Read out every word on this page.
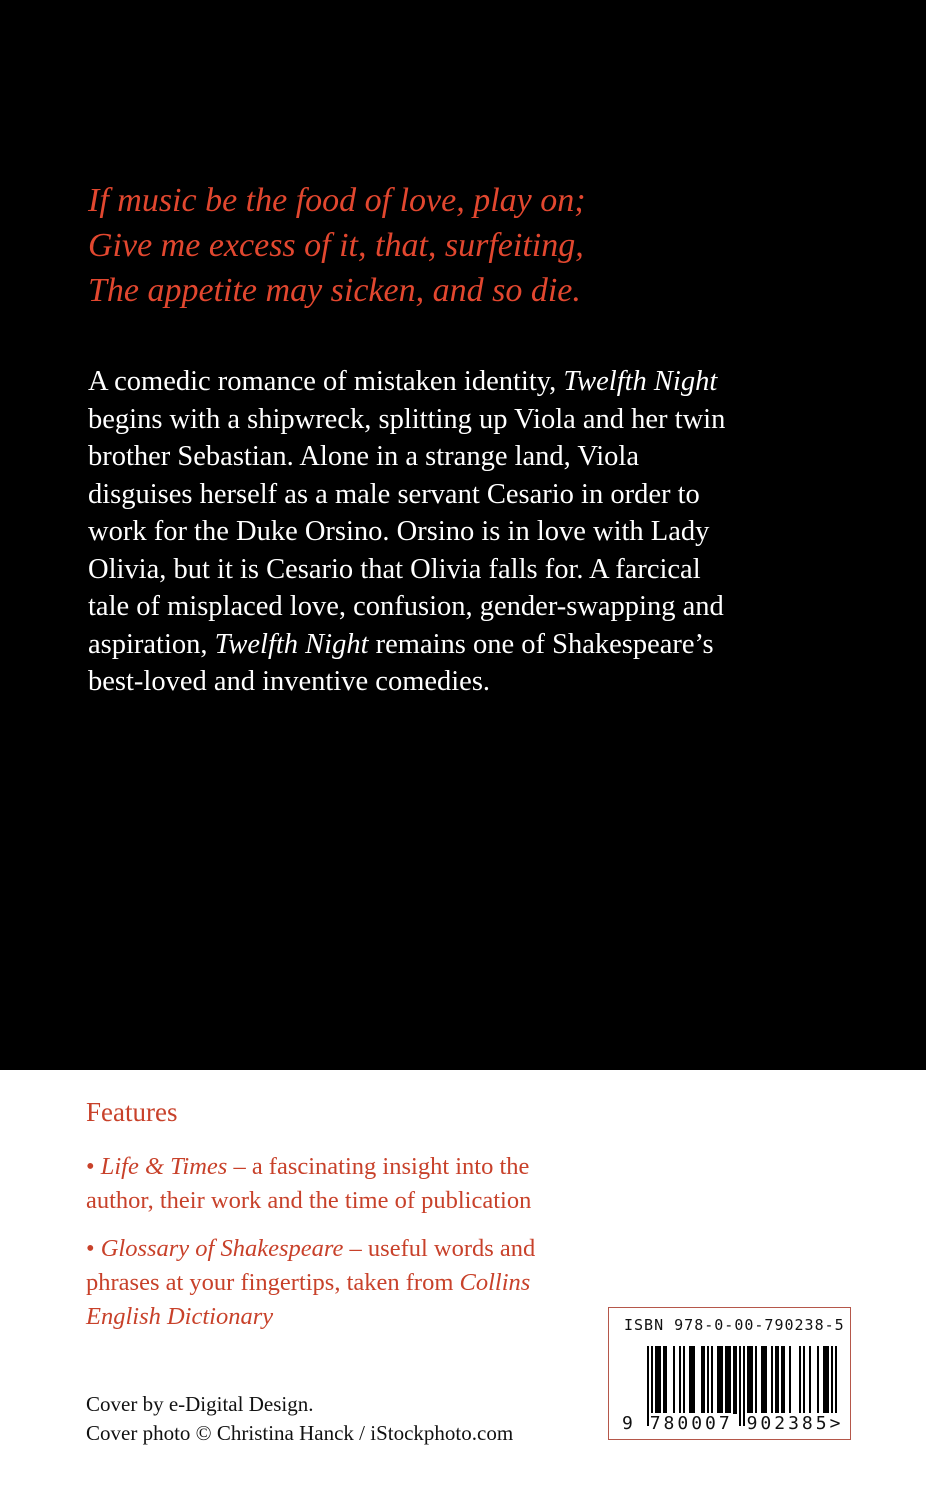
If music be the food of love, play on;
Give me excess of it, that, surfeiting,
The appetite may sicken, and so die.
A comedic romance of mistaken identity, Twelfth Night
begins with a shipwreck, splitting up Viola and her twin
brother Sebastian. Alone in a strange land, Viola
disguises herself as a male servant Cesario in order to
work for the Duke Orsino. Orsino is in love with Lady
Olivia, but it is Cesario that Olivia falls for. A farcical
tale of misplaced love, confusion, gender-swapping and
aspiration, Twelfth Night remains one of Shakespeare’s
best-loved and inventive comedies.
Features
• Life & Times – a fascinating insight into the
author, their work and the time of publication
• Glossary of Shakespeare – useful words and
phrases at your fingertips, taken from Collins
English Dictionary
Cover by e-Digital Design.
Cover photo © Christina Hanck / iStockphoto.com
ISBN 978-0-00-790238-5
9 780007 902385>
